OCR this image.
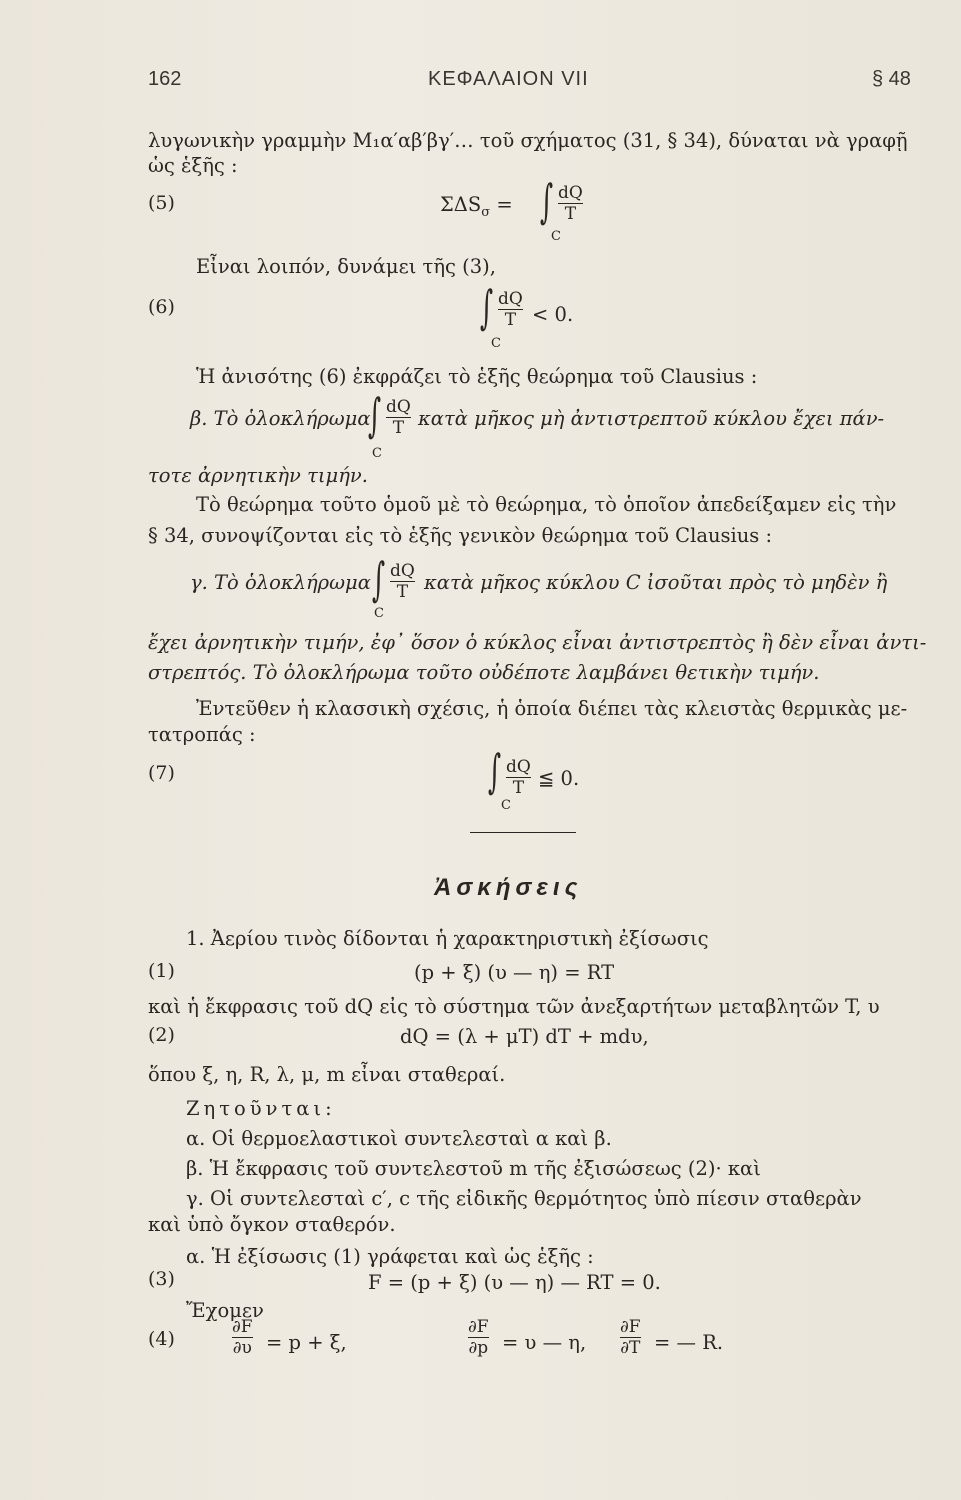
162	ΚΕΦΑΛΑΙΟΝ VII	§ 48
λυγωνικὴν γραμμὴν M₁α′αβ′βγ′… τοῦ σχήματος (31, § 34), δύναται νὰ γραφῇ
ὡς ἑξῆς :
(5)	$\Sigma\Delta S_\sigma$ = ∫ dQ
T
C
Εἶναι λοιπόν, δυνάμει τῆς (3),
(6)	∫ dQ
T < 0.
C
Ἡ ἀνισότης (6) ἐκφράζει τὸ ἑξῆς θεώρημα τοῦ Clausius :
β. Τὸ ὁλοκλήρωμα
∫ dQ
T κατὰ μῆκος μὴ ἀντιστρεπτοῦ κύκλου ἔχει πάν-
C
τοτε ἀρνητικὴν τιμήν.
Τὸ θεώρημα τοῦτο ὁμοῦ μὲ τὸ θεώρημα, τὸ ὁποῖον ἀπεδείξαμεν εἰς τὴν
§ 34, συνοψίζονται εἰς τὸ ἑξῆς γενικὸν θεώρημα τοῦ Clausius :
γ. Τὸ ὁλοκλήρωμα ∫ dQ
T κατὰ μῆκος κύκλου C ἰσοῦται πρὸς τὸ μηδὲν ἢ
C
ἔχει ἀρνητικὴν τιμήν, ἐφ᾽ ὅσον ὁ κύκλος εἶναι ἀντιστρεπτὸς ἢ δὲν εἶναι ἀντι-
στρεπτός. Τὸ ὁλοκλήρωμα τοῦτο οὐδέποτε λαμβάνει θετικὴν τιμήν.
Ἐντεῦθεν ἡ κλασσικὴ σχέσις, ἡ ὁποία διέπει τὰς κλειστὰς θερμικὰς με-
τατροπάς :
(7)	∫ dQ
T ≦ 0.
C
Ἀσκήσεις
1. Ἀερίου τινὸς δίδονται ἡ χαρακτηριστικὴ ἐξίσωσις
(1)	(p + ξ) (υ — η) = RT
καὶ ἡ ἔκφρασις τοῦ dQ εἰς τὸ σύστημα τῶν ἀνεξαρτήτων μεταβλητῶν T, υ
(2)	dQ = (λ + μT) dT + mdυ,
ὅπου ξ, η, R, λ, μ, m εἶναι σταθεραί.
Ζητοῦνται:
α. Οἱ θερμοελαστικοὶ συντελεσταὶ α καὶ β.
β. Ἡ ἔκφρασις τοῦ συντελεστοῦ m τῆς ἐξισώσεως (2)· καὶ
γ. Οἱ συντελεσταὶ c′, c τῆς εἰδικῆς θερμότητος ὑπὸ πίεσιν σταθερὰν
καὶ ὑπὸ ὄγκον σταθερόν.
α. Ἡ ἐξίσωσις (1) γράφεται καὶ ὡς ἑξῆς :
(3)	F = (p + ξ) (υ — η) — RT = 0.
Ἔχομεν
(4)
∂F
∂υ = p + ξ,
∂F
∂p = υ — η,
∂F
∂T = — R.
